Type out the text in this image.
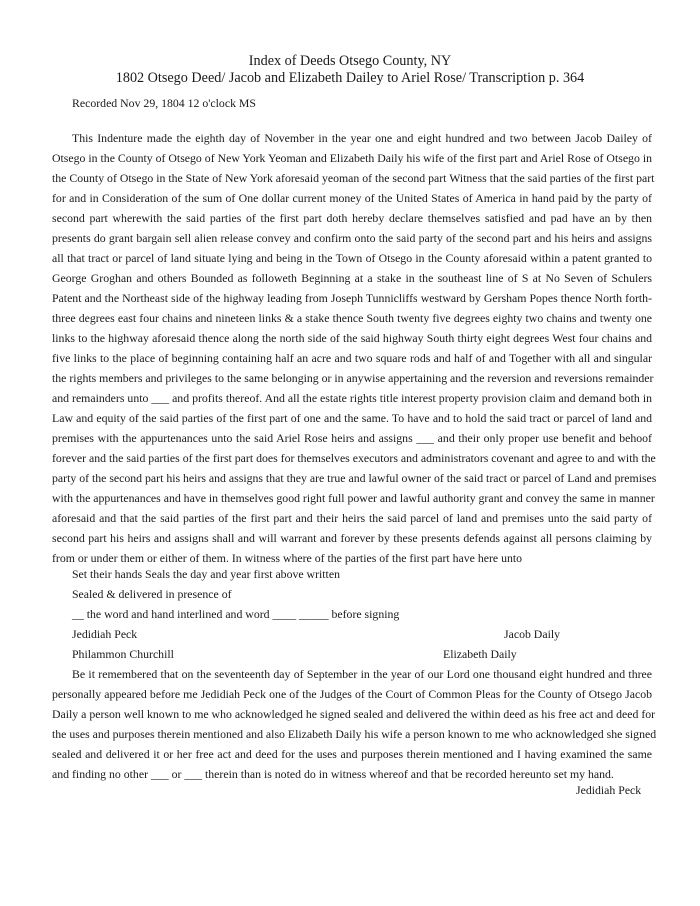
Index of Deeds Otsego County, NY
1802 Otsego Deed/ Jacob and Elizabeth Dailey to Ariel Rose/ Transcription p. 364
Recorded Nov 29, 1804 12 o'clock MS
This Indenture made the eighth day of November in the year one and eight hundred and two between Jacob Dailey of
Otsego in the County of Otsego of New York Yeoman and Elizabeth Daily his wife of the first part and Ariel Rose of Otsego in
the County of Otsego in the State of New York aforesaid yeoman of the second part Witness that the said parties of the first part
for and in Consideration of the sum of One dollar current money of the United States of America in hand paid by the party of
second part wherewith the said parties of the first part doth hereby declare themselves satisfied and pad have an by then
presents do grant bargain sell alien release convey and confirm onto the said party of the second part and his heirs and assigns
all that tract or parcel of land situate lying and being in the Town of Otsego in the County aforesaid within a patent granted to
George Groghan and others Bounded as followeth Beginning at a stake in the southeast line of S at No Seven of Schulers
Patent and the Northeast side of the highway leading from Joseph Tunnicliffs westward by Gersham Popes thence North forth-
three degrees east four chains and nineteen links & a stake thence South twenty five degrees eighty two chains and twenty one
links to the highway aforesaid thence along the north side of the said highway South thirty eight degrees West four chains and
five links to the place of beginning containing half an acre and two square rods and half of and Together with all and singular
the rights members and privileges to the same belonging or in anywise appertaining and the reversion and reversions remainder
and remainders unto ___ and profits thereof. And all the estate rights title interest property provision claim and demand both in
Law and equity of the said parties of the first part of one and the same. To have and to hold the said tract or parcel of land and
premises with the appurtenances unto the said Ariel Rose heirs and assigns ___ and their only proper use benefit and behoof
forever and the said parties of the first part does for themselves executors and administrators covenant and agree to and with the
party of the second part his heirs and assigns that they are true and lawful owner of the said tract or parcel of Land and premises
with the appurtenances and have in themselves good right full power and lawful authority grant and convey the same in manner
aforesaid and that the said parties of the first part and their heirs the said parcel of land and premises unto the said party of
second part his heirs and assigns shall and will warrant and forever by these presents defends against all persons claiming by
from or under them or either of them. In witness where of the parties of the first part have here unto
Set their hands Seals the day and year first above written
Sealed & delivered in presence of
__ the word and hand interlined and word ____ _____ before signing
Jedidiah Peck	Jacob Daily
Philammon Churchill	Elizabeth Daily
Be it remembered that on the seventeenth day of September in the year of our Lord one thousand eight hundred and three
personally appeared before me Jedidiah Peck one of the Judges of the Court of Common Pleas for the County of Otsego Jacob
Daily a person well known to me who acknowledged he signed sealed and delivered the within deed as his free act and deed for
the uses and purposes therein mentioned and also Elizabeth Daily his wife a person known to me who acknowledged she signed
sealed and delivered it or her free act and deed for the uses and purposes therein mentioned and I having examined the same
and finding no other ___ or ___ therein than is noted do in witness whereof and that be recorded hereunto set my hand.
Jedidiah Peck
